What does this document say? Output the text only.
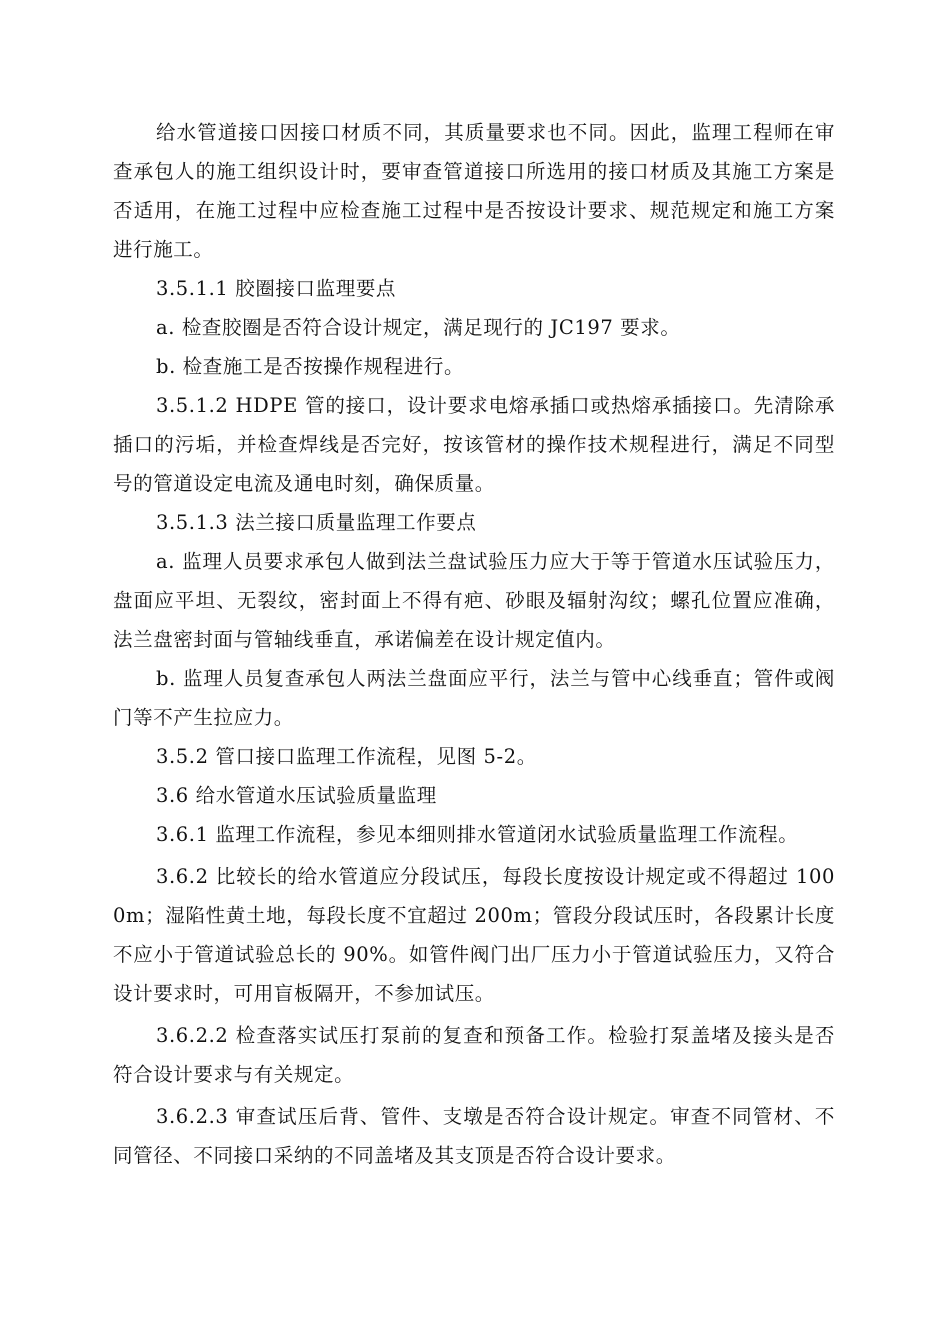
给水管道接口因接口材质不同，其质量要求也不同。因此，监理工程师在审查承包人的施工组织设计时，要审查管道接口所选用的接口材质及其施工方案是否适用，在施工过程中应检查施工过程中是否按设计要求、规范规定和施工方案进行施工。

3.5.1.1 胶圈接口监理要点

a. 检查胶圈是否符合设计规定，满足现行的 JC197 要求。

b. 检查施工是否按操作规程进行。

3.5.1.2 HDPE 管的接口，设计要求电熔承插口或热熔承插接口。先清除承插口的污垢，并检查焊线是否完好，按该管材的操作技术规程进行，满足不同型号的管道设定电流及通电时刻，确保质量。

3.5.1.3 法兰接口质量监理工作要点

a. 监理人员要求承包人做到法兰盘试验压力应大于等于管道水压试验压力，盘面应平坦、无裂纹，密封面上不得有疤、砂眼及辐射沟纹；螺孔位置应准确，法兰盘密封面与管轴线垂直，承诺偏差在设计规定值内。

b. 监理人员复查承包人两法兰盘面应平行，法兰与管中心线垂直；管件或阀门等不产生拉应力。

3.5.2 管口接口监理工作流程，见图 5-2。

3.6 给水管道水压试验质量监理

3.6.1 监理工作流程，参见本细则排水管道闭水试验质量监理工作流程。

3.6.2 比较长的给水管道应分段试压，每段长度按设计规定或不得超过 1000m；湿陷性黄土地，每段长度不宜超过 200m；管段分段试压时，各段累计长度不应小于管道试验总长的 90%。如管件阀门出厂压力小于管道试验压力，又符合设计要求时，可用盲板隔开，不参加试压。

3.6.2.2 检查落实试压打泵前的复查和预备工作。检验打泵盖堵及接头是否符合设计要求与有关规定。

3.6.2.3 审查试压后背、管件、支墩是否符合设计规定。审查不同管材、不同管径、不同接口采纳的不同盖堵及其支顶是否符合设计要求。
